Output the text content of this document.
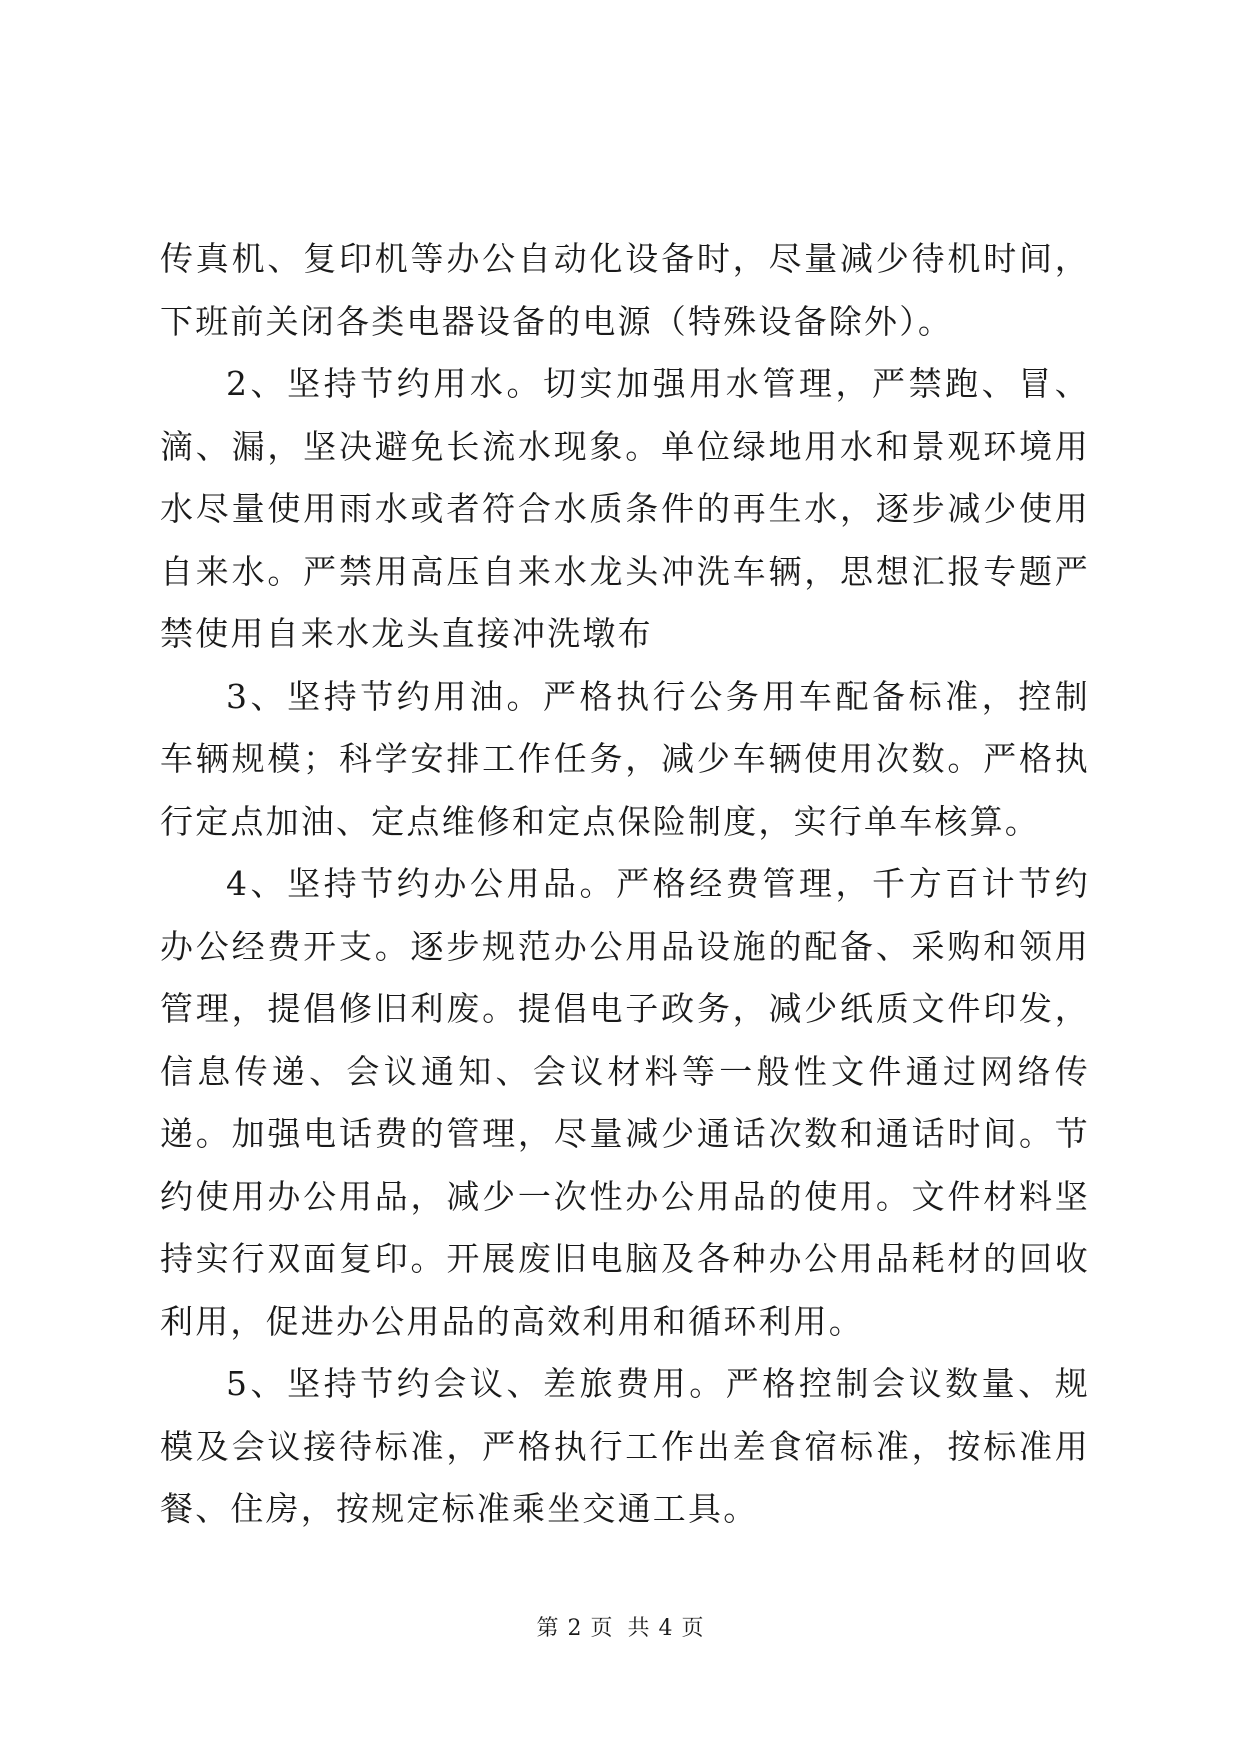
传真机、复印机等办公自动化设备时，尽量减少待机时间，下班前关闭各类电器设备的电源（特殊设备除外）。

2、坚持节约用水。切实加强用水管理，严禁跑、冒、滴、漏，坚决避免长流水现象。单位绿地用水和景观环境用水尽量使用雨水或者符合水质条件的再生水，逐步减少使用自来水。严禁用高压自来水龙头冲洗车辆，思想汇报专题严禁使用自来水龙头直接冲洗墩布

3、坚持节约用油。严格执行公务用车配备标准，控制车辆规模；科学安排工作任务，减少车辆使用次数。严格执行定点加油、定点维修和定点保险制度，实行单车核算。

4、坚持节约办公用品。严格经费管理，千方百计节约办公经费开支。逐步规范办公用品设施的配备、采购和领用管理，提倡修旧利废。提倡电子政务，减少纸质文件印发，信息传递、会议通知、会议材料等一般性文件通过网络传递。加强电话费的管理，尽量减少通话次数和通话时间。节约使用办公用品，减少一次性办公用品的使用。文件材料坚持实行双面复印。开展废旧电脑及各种办公用品耗材的回收利用，促进办公用品的高效利用和循环利用。

5、坚持节约会议、差旅费用。严格控制会议数量、规模及会议接待标准，严格执行工作出差食宿标准，按标准用餐、住房，按规定标准乘坐交通工具。

第 2 页 共 4 页
